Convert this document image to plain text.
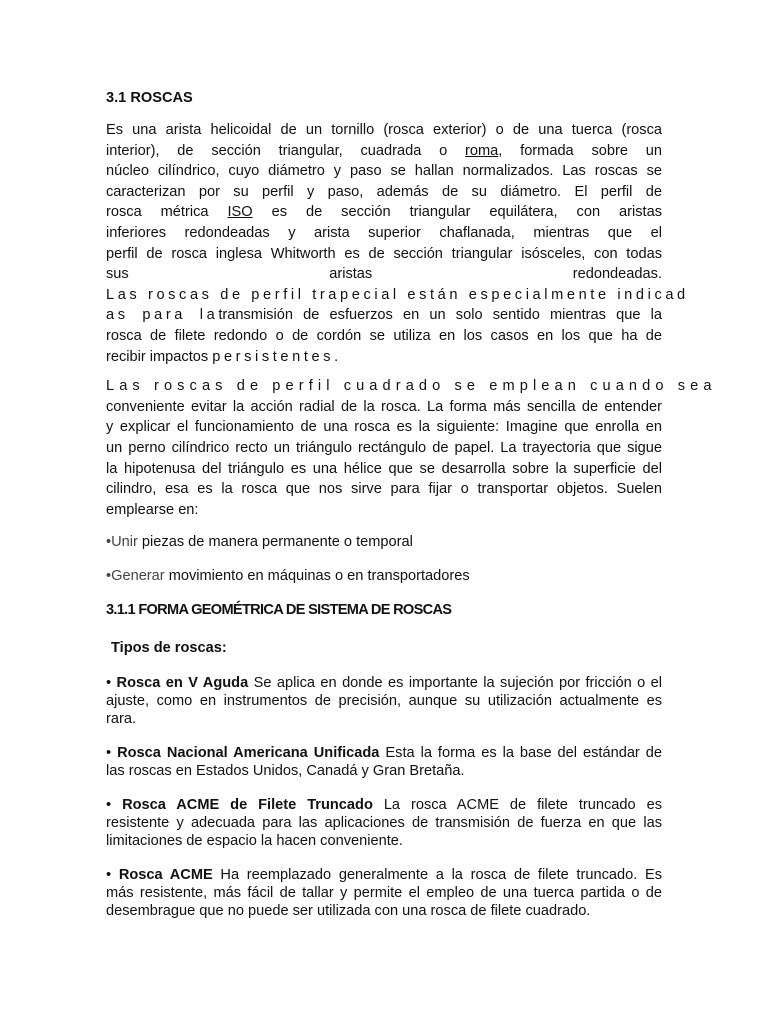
3.1 ROSCAS
Es una arista helicoidal de un tornillo (rosca exterior) o de una tuerca (rosca
interior), de sección triangular, cuadrada o roma, formada sobre un
núcleo cilíndrico, cuyo diámetro y paso se hallan normalizados. Las roscas se
caracterizan por su perfil y paso, además de su diámetro. El perfil de
rosca métrica ISO es de sección triangular equilátera, con aristas
inferiores redondeadas y arista superior chaflanada, mientras que el
perfil de rosca inglesa Whitworth es de sección triangular isósceles, con todas
sus                    aristas                    redondeadas.
Las roscas de perfil trapecial están especialmente indicad
as para latransmisión de esfuerzos en un solo sentido mientras que la
rosca de filete redondo o de cordón se utiliza en los casos en los que ha de
recibir impactos persistentes.
Las roscas de perfil cuadrado se emplean cuando sea
conveniente evitar la acción radial de la rosca. La forma más sencilla de entender
y explicar el funcionamiento de una rosca es la siguiente: Imagine que enrolla en
un perno cilíndrico recto un triángulo rectángulo de papel. La trayectoria que sigue
la hipotenusa del triángulo es una hélice que se desarrolla sobre la superficie del
cilindro, esa es la rosca que nos sirve para fijar o transportar objetos. Suelen
emplearse en:
•Unir piezas de manera permanente o temporal
•Generar movimiento en máquinas o en transportadores
3.1.1 FORMA GEOMÉTRICA DE SISTEMA DE ROSCAS
Tipos de roscas:
• Rosca en V Aguda Se aplica en donde es importante la sujeción por fricción o el
ajuste, como en instrumentos de precisión, aunque su utilización actualmente es
rara.
• Rosca Nacional Americana Unificada Esta la forma es la base del estándar de
las roscas en Estados Unidos, Canadá y Gran Bretaña.
• Rosca ACME de Filete Truncado La rosca ACME de filete truncado es
resistente y adecuada para las aplicaciones de transmisión de fuerza en que las
limitaciones de espacio la hacen conveniente.
• Rosca ACME Ha reemplazado generalmente a la rosca de filete truncado. Es
más resistente, más fácil de tallar y permite el empleo de una tuerca partida o de
desembrague que no puede ser utilizada con una rosca de filete cuadrado.
